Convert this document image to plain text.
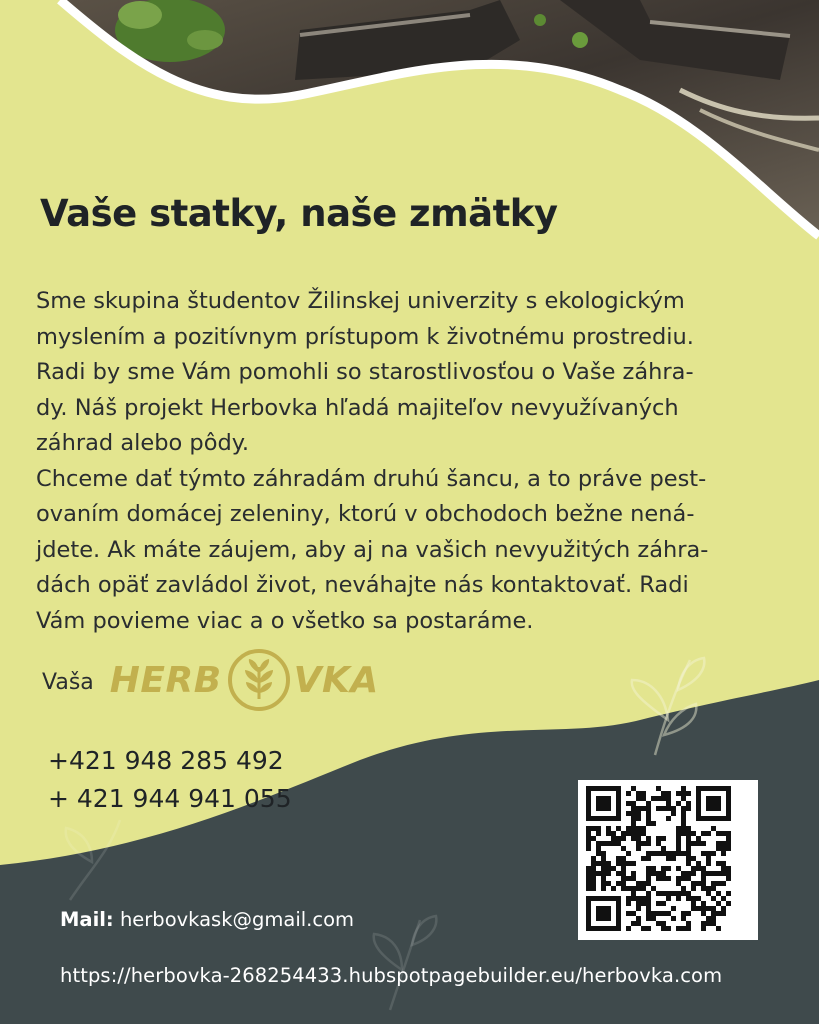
Vaše statky, naše zmätky

Sme skupina študentov Žilinskej univerzity s ekologickým
myslením a pozitívnym prístupom k životnému prostrediu.
Radi by sme Vám pomohli so starostlivosťou o Vaše záhra-
dy. Náš projekt Herbovka hľadá majiteľov nevyužívaných
záhrad alebo pôdy.
Chceme dať týmto záhradám druhú šancu, a to práve pest-
ovaním domácej zeleniny, ktorú v obchodoch bežne nená-
jdete. Ak máte záujem, aby aj na vašich nevyužitých záhra-
dách opäť zavládol život, neváhajte nás kontaktovať. Radi
Vám povieme viac a o všetko sa postaráme.

Vaša HERB VKA
+421 948 285 492
+ 421 944 941 055
Mail: herbovkask@gmail.com
https://herbovka-268254433.hubspotpagebuilder.eu/herbovka.com
